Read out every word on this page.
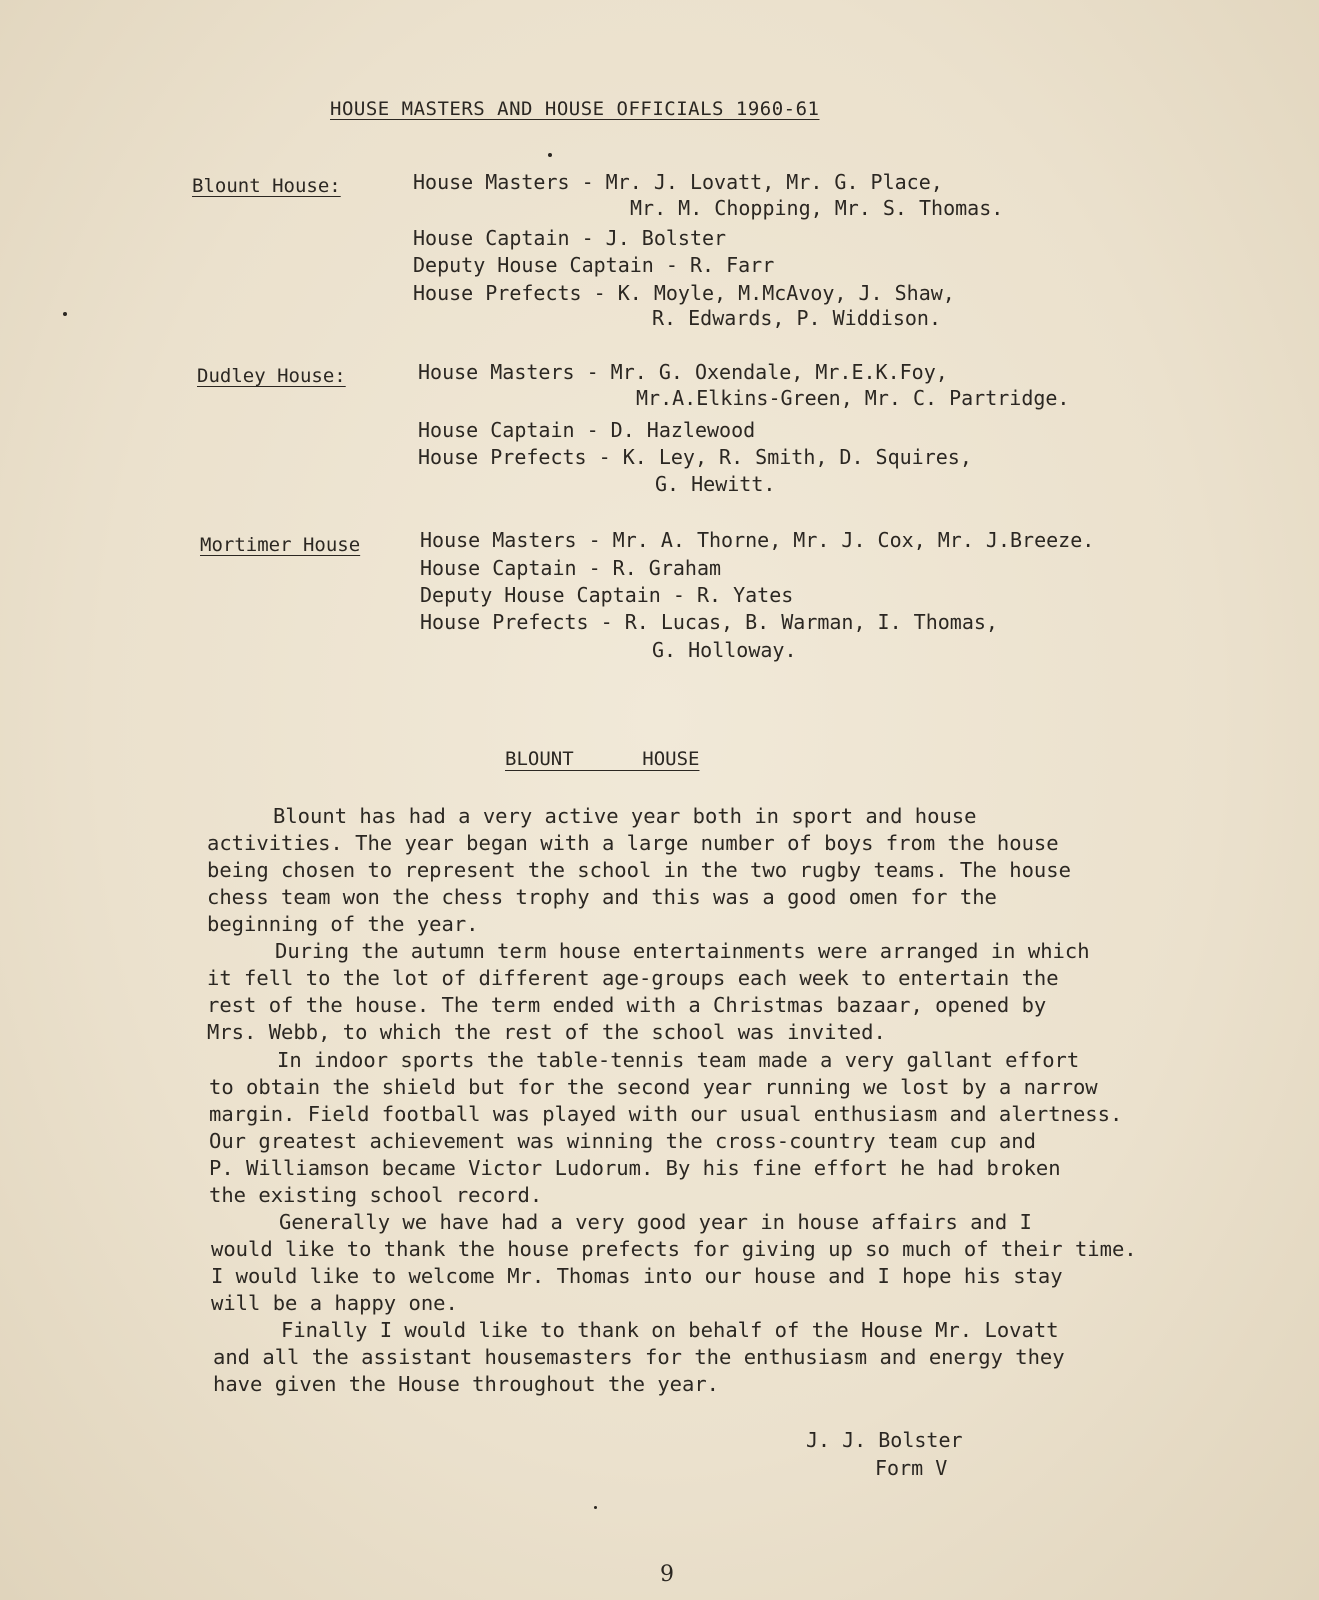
HOUSE MASTERS AND HOUSE OFFICIALS 1960-61
Blount House:	House Masters - Mr. J. Lovatt, Mr. G. Place,
Mr. M. Chopping, Mr. S. Thomas.
House Captain - J. Bolster
Deputy House Captain - R. Farr
House Prefects - K. Moyle, M.McAvoy, J. Shaw,
R. Edwards, P. Widdison.
Dudley House:	House Masters - Mr. G. Oxendale, Mr.E.K.Foy,
Mr.A.Elkins-Green, Mr. C. Partridge.
House Captain - D. Hazlewood
House Prefects - K. Ley, R. Smith, D. Squires,
G. Hewitt.
Mortimer House	House Masters - Mr. A. Thorne, Mr. J. Cox, Mr. J.Breeze.
House Captain - R. Graham
Deputy House Captain - R. Yates
House Prefects - R. Lucas, B. Warman, I. Thomas,
G. Holloway.
BLOUNT      HOUSE
Blount has had a very active year both in sport and house
activities. The year began with a large number of boys from the house
being chosen to represent the school in the two rugby teams. The house
chess team won the chess trophy and this was a good omen for the
beginning of the year.
During the autumn term house entertainments were arranged in which
it fell to the lot of different age-groups each week to entertain the
rest of the house. The term ended with a Christmas bazaar, opened by
Mrs. Webb, to which the rest of the school was invited.
In indoor sports the table-tennis team made a very gallant effort
to obtain the shield but for the second year running we lost by a narrow
margin. Field football was played with our usual enthusiasm and alertness.
Our greatest achievement was winning the cross-country team cup and
P. Williamson became Victor Ludorum. By his fine effort he had broken
the existing school record.
Generally we have had a very good year in house affairs and I
would like to thank the house prefects for giving up so much of their time.
I would like to welcome Mr. Thomas into our house and I hope his stay
will be a happy one.
Finally I would like to thank on behalf of the House Mr. Lovatt
and all the assistant housemasters for the enthusiasm and energy they
have given the House throughout the year.
J. J. Bolster
Form V
9
